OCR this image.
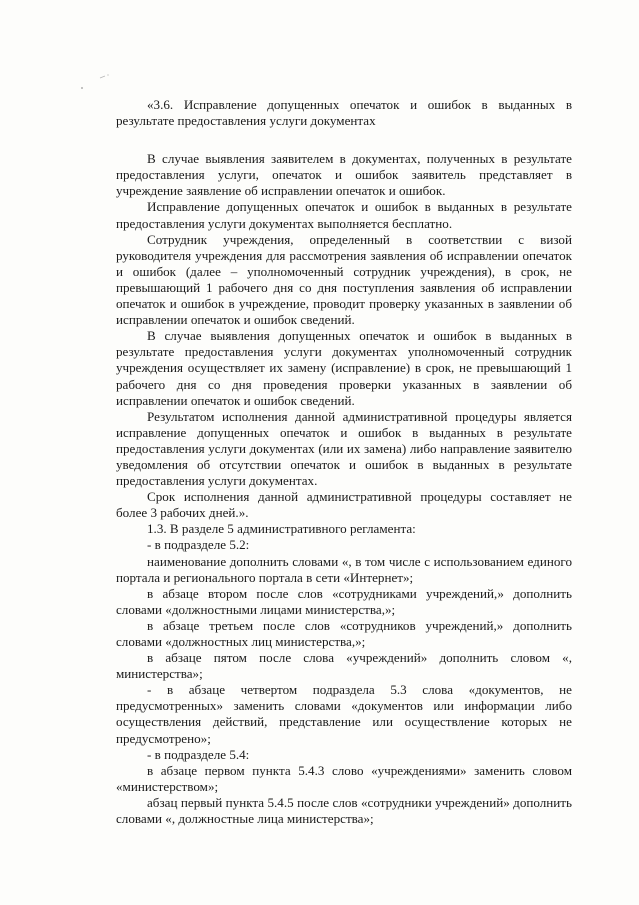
«3.6. Исправление допущенных опечаток и ошибок в выданных в результате предоставления услуги документах

В случае выявления заявителем в документах, полученных в результате предоставления услуги, опечаток и ошибок заявитель представляет в учреждение заявление об исправлении опечаток и ошибок.

Исправление допущенных опечаток и ошибок в выданных в результате предоставления услуги документах выполняется бесплатно.

Сотрудник учреждения, определенный в соответствии с визой руководителя учреждения для рассмотрения заявления об исправлении опечаток и ошибок (далее – уполномоченный сотрудник учреждения), в срок, не превышающий 1 рабочего дня со дня поступления заявления об исправлении опечаток и ошибок в учреждение, проводит проверку указанных в заявлении об исправлении опечаток и ошибок сведений.

В случае выявления допущенных опечаток и ошибок в выданных в результате предоставления услуги документах уполномоченный сотрудник учреждения осуществляет их замену (исправление) в срок, не превышающий 1 рабочего дня со дня проведения проверки указанных в заявлении об исправлении опечаток и ошибок сведений.

Результатом исполнения данной административной процедуры является исправление допущенных опечаток и ошибок в выданных в результате предоставления услуги документах (или их замена) либо направление заявителю уведомления об отсутствии опечаток и ошибок в выданных в результате предоставления услуги документах.

Срок исполнения данной административной процедуры составляет не более 3 рабочих дней.».

1.3. В разделе 5 административного регламента:

- в подразделе 5.2:

наименование дополнить словами «, в том числе с использованием единого портала и регионального портала в сети «Интернет»;

в абзаце втором после слов «сотрудниками учреждений,» дополнить словами «должностными лицами министерства,»;

в абзаце третьем после слов «сотрудников учреждений,» дополнить словами «должностных лиц министерства,»;

в абзаце пятом после слова «учреждений» дополнить словом «, министерства»;

- в абзаце четвертом подраздела 5.3 слова «документов, не предусмотренных» заменить словами «документов или информации либо осуществления действий, представление или осуществление которых не предусмотрено»;

- в подразделе 5.4:

в абзаце первом пункта 5.4.3 слово «учреждениями» заменить словом «министерством»;

абзац первый пункта 5.4.5 после слов «сотрудники учреждений» дополнить словами «, должностные лица министерства»;
